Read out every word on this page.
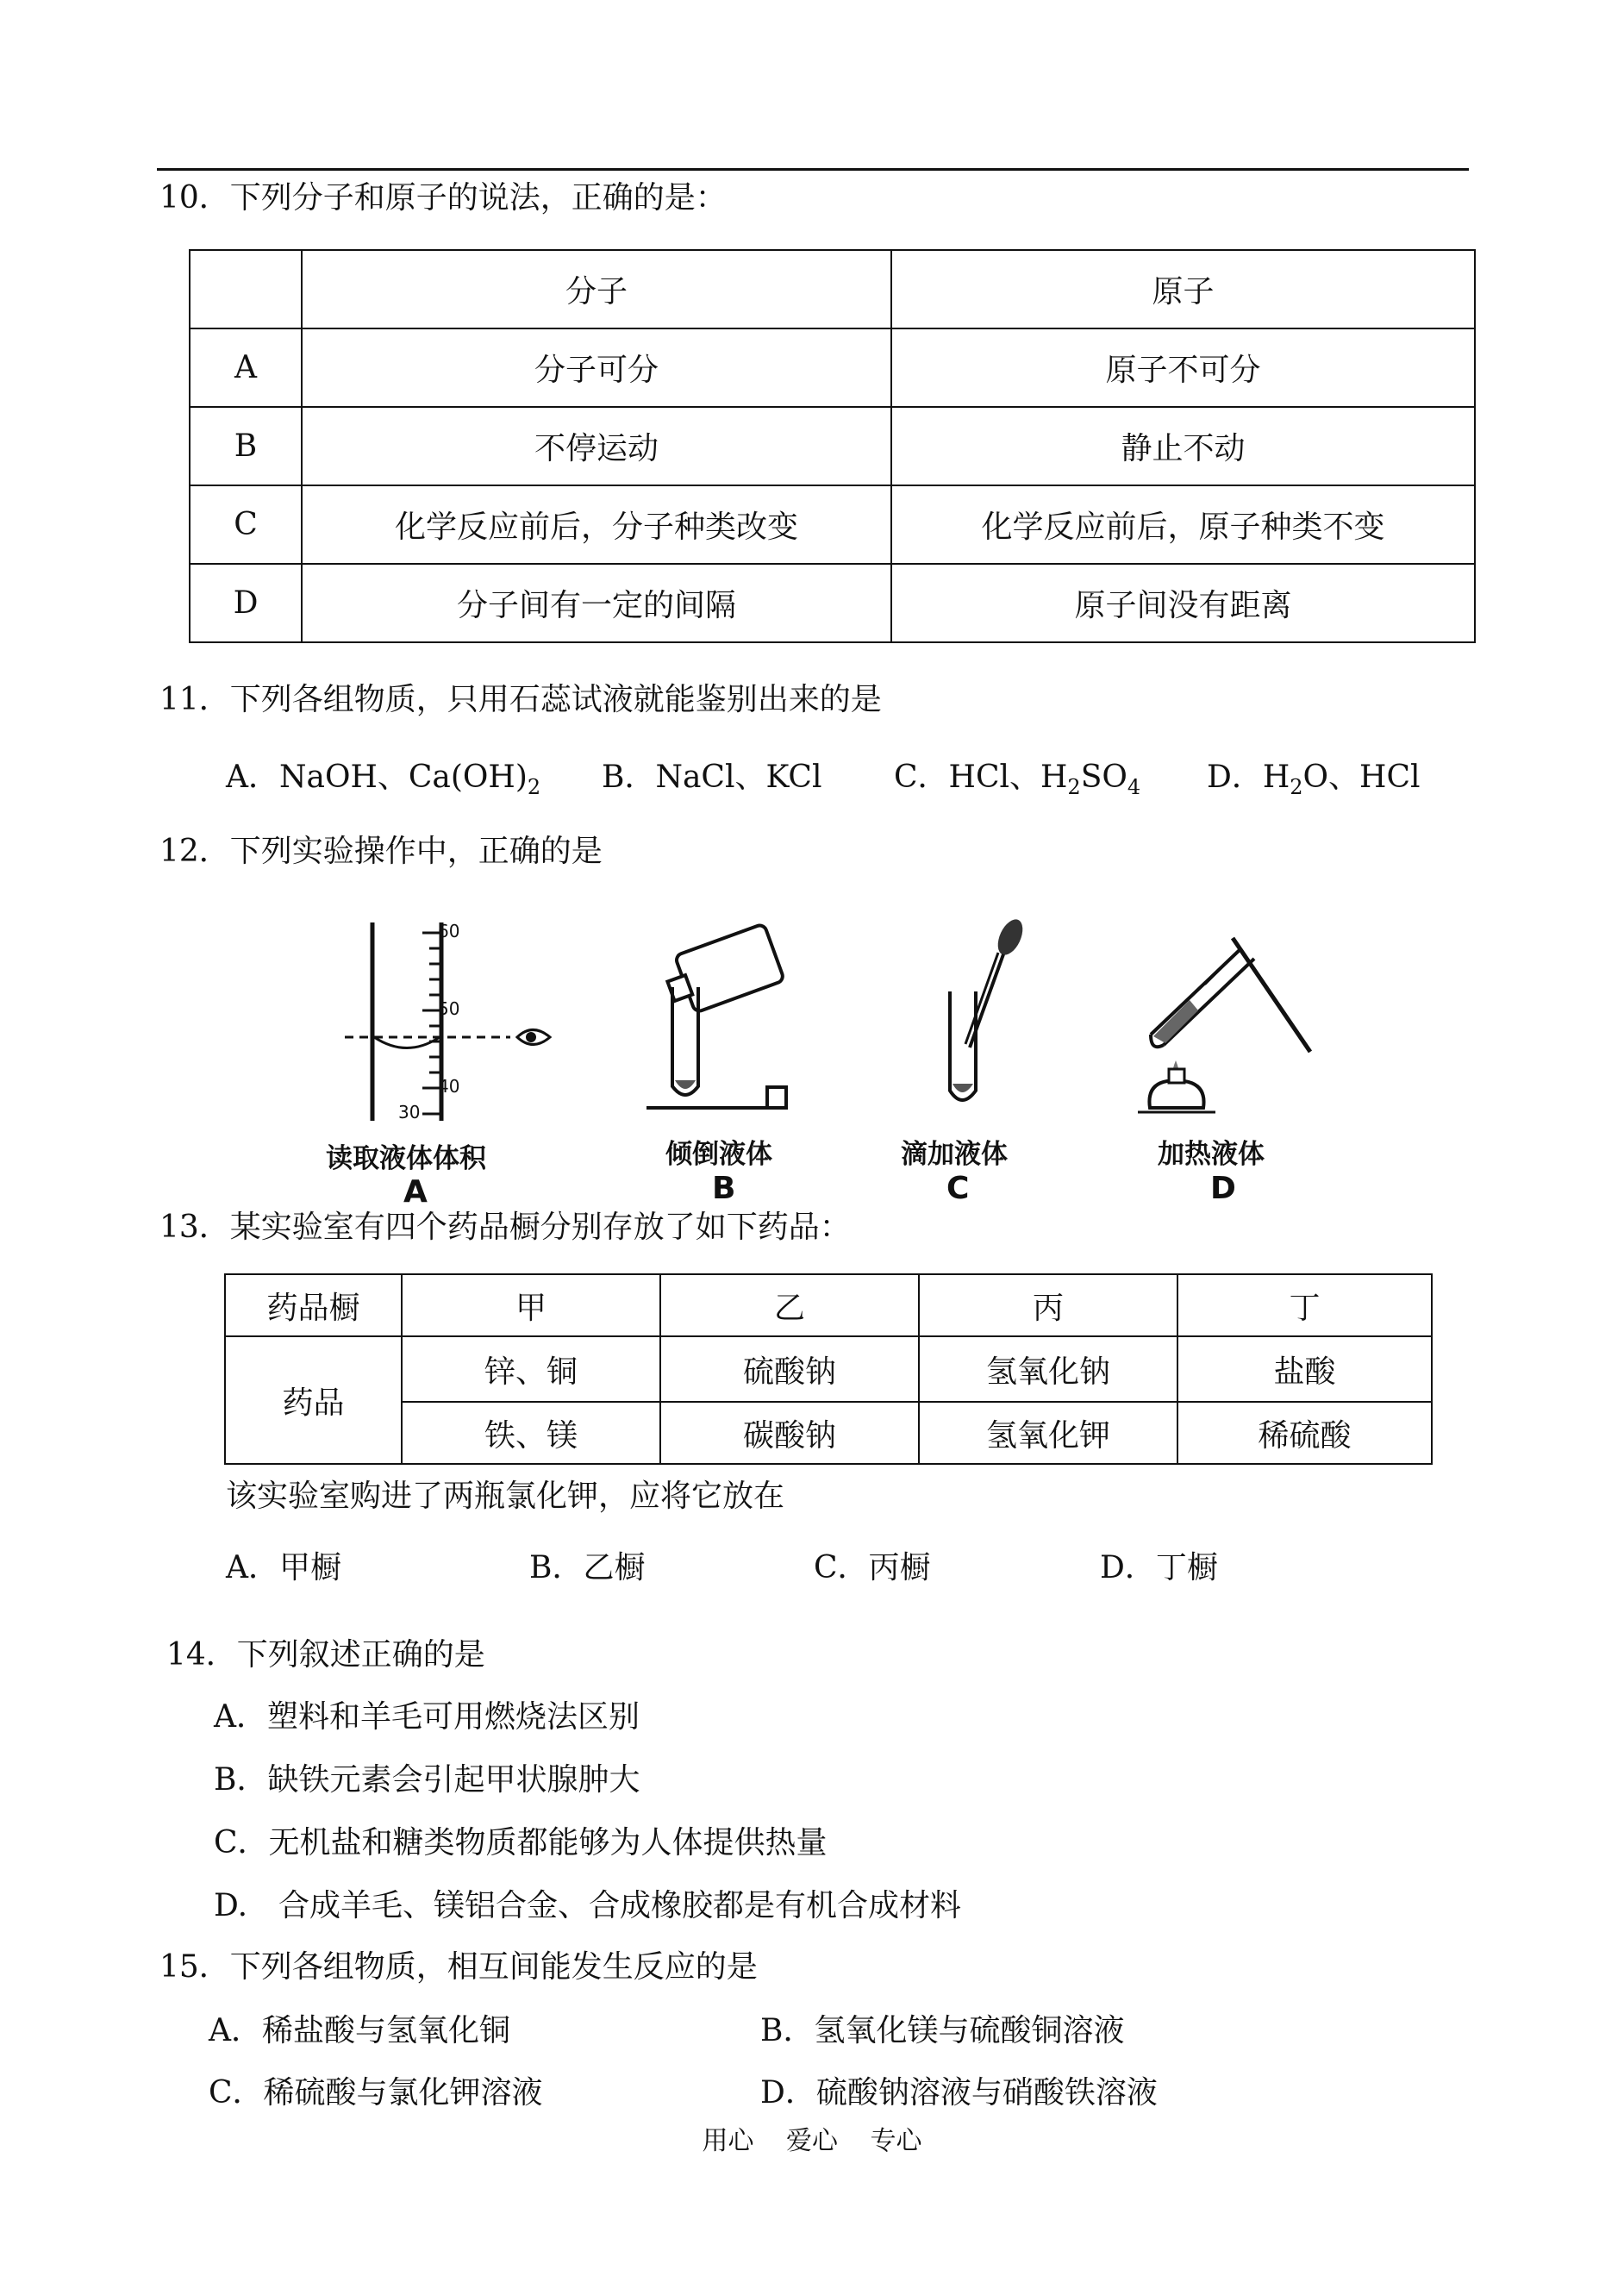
10．下列分子和原子的说法，正确的是：
	分子	原子
A	分子可分	原子不可分
B	不停运动	静止不动
C	化学反应前后，分子种类改变	化学反应前后，原子种类不变
D	分子间有一定的间隔	原子间没有距离
11．下列各组物质，只用石蕊试液就能鉴别出来的是
A．NaOH、$Ca(OH)_2$ B．NaCl、KCl C．HCl、$H_2SO_4$ D．$H_2O$、HCl
12．下列实验操作中，正确的是
60
50
40
30
读取液体体积
A
倾倒液体
B
滴加液体
C
加热液体
D
13．某实验室有四个药品橱分别存放了如下药品：
药品橱	甲	乙	丙	丁
药品	锌、铜	硫酸钠	氢氧化钠	盐酸
	铁、镁	碳酸钠	氢氧化钾	稀硫酸
该实验室购进了两瓶氯化钾，应将它放在
A．甲橱	B．乙橱	C．丙橱	D．丁橱
14．下列叙述正确的是
A．塑料和羊毛可用燃烧法区别
B．缺铁元素会引起甲状腺肿大
C．无机盐和糖类物质都能够为人体提供热量
D.　合成羊毛、镁铝合金、合成橡胶都是有机合成材料
15．下列各组物质，相互间能发生反应的是
A．稀盐酸与氢氧化铜	B．氢氧化镁与硫酸铜溶液
C．稀硫酸与氯化钾溶液	D．硫酸钠溶液与硝酸铁溶液
用心 爱心 专心
